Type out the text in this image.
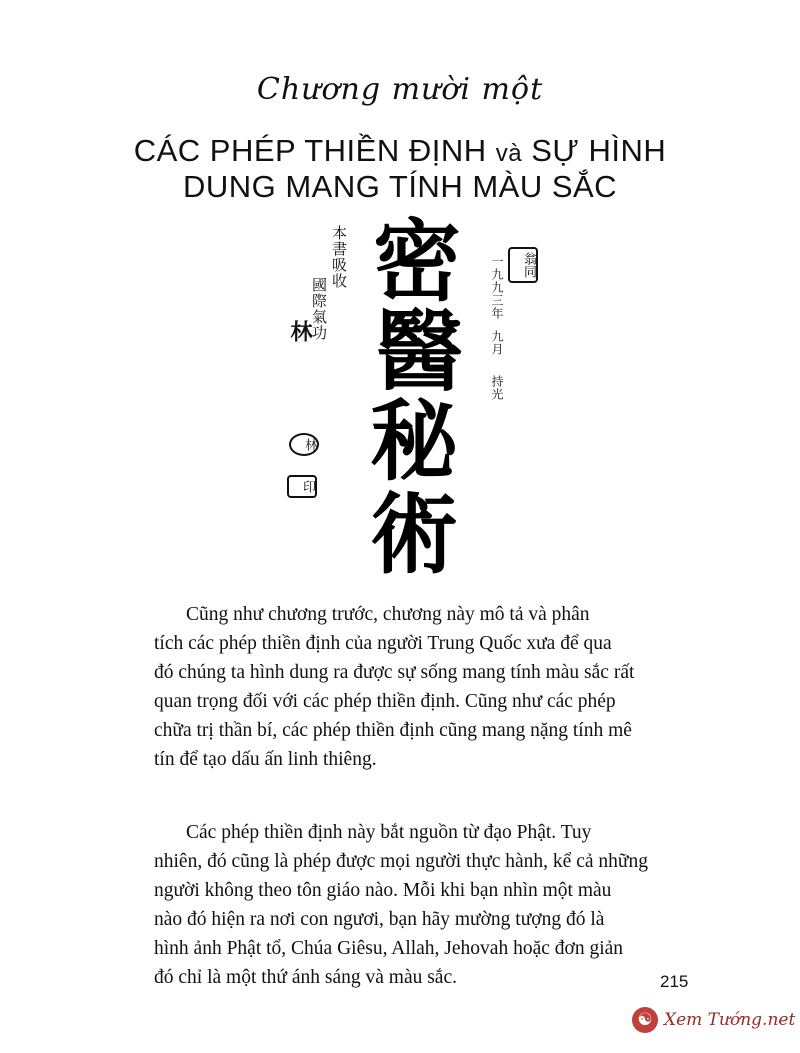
Chương mười một
CÁC PHÉP THIỀN ĐỊNH và SỰ HÌNH
DUNG MANG TÍNH MÀU SẮC
密
醫
秘
術
本書吸收
國際氣功
林
一九九三年
九月
持光
翁同
林
印
Cũng như chương trước, chương này mô tả và phân
tích các phép thiền định của người Trung Quốc xưa để qua
đó chúng ta hình dung ra được sự sống mang tính màu sắc rất
quan trọng đối với các phép thiền định. Cũng như các phép
chữa trị thần bí, các phép thiền định cũng mang nặng tính mê
tín để tạo dấu ấn linh thiêng.
Các phép thiền định này bắt nguồn từ đạo Phật. Tuy
nhiên, đó cũng là phép được mọi người thực hành, kể cả những
người không theo tôn giáo nào. Mỗi khi bạn nhìn một màu
nào đó hiện ra nơi con ngươi, bạn hãy mường tượng đó là
hình ảnh Phật tổ, Chúa Giêsu, Allah, Jehovah hoặc đơn giản
đó chỉ là một thứ ánh sáng và màu sắc.	215
☯ Xem Tướng.net
